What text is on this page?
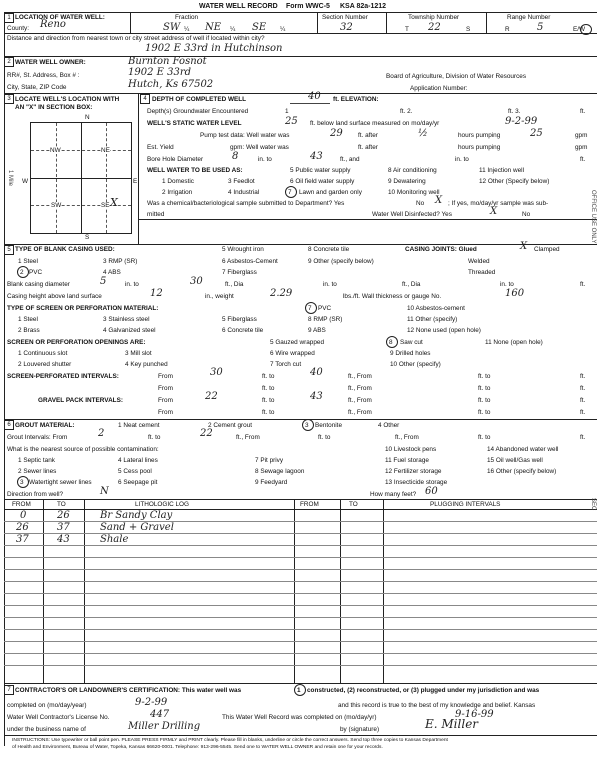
WATER WELL RECORD Form WWC-5 KSA 82a-1212
1 LOCATION OF WATER WELL:
County: Reno
Fraction
SW ¼ NE ¼ SE ¼
Section Number
32
Township Number
T 22	S
Range Number
R	5	E/W
Distance and direction from nearest town or city street address of well if located within city?
1902 E 33rd in Hutchinson
2 WATER WELL OWNER:	Burnton Fosnot
RR#, St. Address, Box # :	1902 E 33rd
City, State, ZIP Code	Hutch, Ks 67502
Board of Agriculture, Division of Water Resources
Application Number:
3 LOCATE WELL'S LOCATION WITH
AN "X" IN SECTION BOX:
N
S
W	E
1 Mile
NW	NE
SW	SE X
4 DEPTH OF COMPLETED WELL	40 ft. ELEVATION:
Depth(s) Groundwater Encountered	1	ft. 2.	ft. 3.	ft.
WELL'S STATIC WATER LEVEL	25 ft. below land surface measured on mo/day/yr	9-2-99
Pump test data: Well water was	29 ft. after	½	hours pumping	25	gpm
Est. Yield	gpm: Well water was	ft. after	hours pumping	gpm
Bore Hole Diameter	8	in. to	43	ft., and	in. to	ft.
WELL WATER TO BE USED AS:	5 Public water supply	8 Air conditioning	11 Injection well
1 Domestic	3 Feedlot	6 Oil field water supply	9 Dewatering	12 Other (Specify below)
2 Irrigation	4 Industrial	7 Lawn and garden only	10 Monitoring well
Was a chemical/bacteriological sample submitted to Department? Yes	No X ; If yes, mo/day/yr sample was sub-
mitted	Water Well Disinfected? Yes	X	No
5 TYPE OF BLANK CASING USED:	5 Wrought iron	8 Concrete tile	CASING JOINTS: Glued	X Clamped
1 Steel	3 RMP (SR)	6 Asbestos-Cement	9 Other (specify below)	Welded
2 PVC	4 ABS	7 Fiberglass	Threaded
Blank casing diameter	5	in. to	30	ft., Dia	in. to	ft., Dia	in. to	ft.
Casing height above land surface	12	in., weight	2.29	lbs./ft. Wall thickness or gauge No.	160
TYPE OF SCREEN OR PERFORATION MATERIAL:	7 PVC	10 Asbestos-cement
1 Steel	3 Stainless steel	5 Fiberglass	8 RMP (SR)	11 Other (specify)
2 Brass	4 Galvanized steel	6 Concrete tile	9 ABS	12 None used (open hole)
SCREEN OR PERFORATION OPENINGS ARE:	5 Gauzed wrapped	8 Saw cut	11 None (open hole)
1 Continuous slot	3 Mill slot	6 Wire wrapped	9 Drilled holes
2 Louvered shutter	4 Key punched	7 Torch cut	10 Other (specify)
SCREEN-PERFORATED INTERVALS:	From	30	ft. to	40	ft., From	ft. to	ft.
From	ft. to	ft., From	ft. to	ft.
GRAVEL PACK INTERVALS:	From	22	ft. to	43	ft., From	ft. to	ft.
From	ft. to	ft., From	ft. to	ft.
6 GROUT MATERIAL:	1 Neat cement	2 Cement grout	3 Bentonite	4 Other
Grout Intervals: From	2	ft. to	22	ft., From	ft. to	ft., From	ft. to	ft.
What is the nearest source of possible contamination:	10 Livestock pens	14 Abandoned water well
1 Septic tank	4 Lateral lines	7 Pit privy	11 Fuel storage	15 Oil well/Gas well
2 Sewer lines	5 Cess pool	8 Sewage lagoon	12 Fertilizer storage	16 Other (specify below)
3 Watertight sewer lines	6 Seepage pit	9 Feedyard	13 Insecticide storage
Direction from well?	N	How many feet? 60
FROM	TO	LITHOLOGIC LOG	FROM	TO	PLUGGING INTERVALS
0	26	Br Sandy Clay
26	37	Sand + Gravel
37	43	Shale
7 CONTRACTOR'S OR LANDOWNER'S CERTIFICATION: This water well was	1 constructed, (2) reconstructed, or (3) plugged under my jurisdiction and was
completed on (mo/day/year)	9-2-99	and this record is true to the best of my knowledge and belief. Kansas
Water Well Contractor's License No.	447	This Water Well Record was completed on (mo/day/yr)	9-16-99
under the business name of	Miller Drilling	by (signature)	E. Miller
INSTRUCTIONS: Use typewriter or ball point pen. PLEASE PRESS FIRMLY and PRINT clearly. Please fill in blanks, underline or circle the correct answers. Send top three copies to Kansas Department
of Health and Environment, Bureau of Water, Topeka, Kansas 66620-0001. Telephone: 913-296-5545. Send one to WATER WELL OWNER and retain one for your records.
OFFICE USE ONLY
SEC
